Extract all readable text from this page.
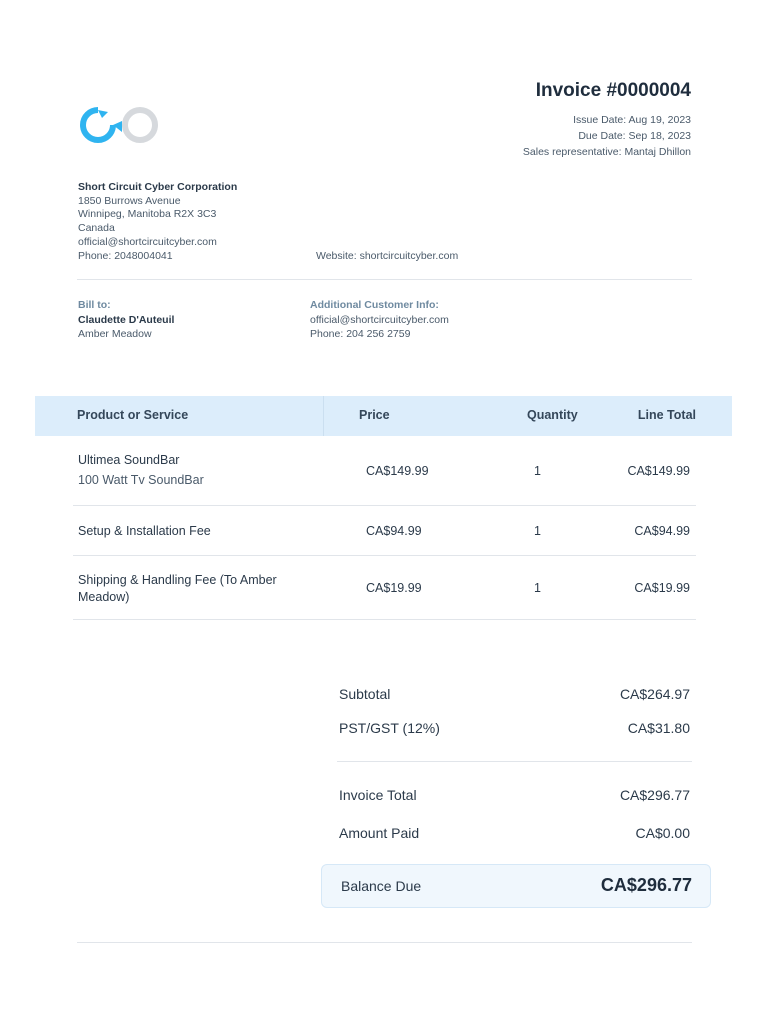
Invoice #0000004
Issue Date: Aug 19, 2023
Due Date: Sep 18, 2023
Sales representative: Mantaj Dhillon
Short Circuit Cyber Corporation
1850 Burrows Avenue
Winnipeg, Manitoba R2X 3C3
Canada
official@shortcircuitcyber.com
Phone: 2048004041	Website: shortcircuitcyber.com
Bill to:
Claudette D'Auteuil
Amber Meadow
Additional Customer Info:
official@shortcircuitcyber.com
Phone: 204 256 2759
Product or Service	Price	Quantity	Line Total
Ultimea SoundBar
100 Watt Tv SoundBar
CA$149.99	1	CA$149.99
Setup & Installation Fee	CA$94.99	1	CA$94.99
Shipping & Handling Fee (To Amber
Meadow)
CA$19.99	1	CA$19.99
Subtotal	CA$264.97
PST/GST (12%)	CA$31.80
Invoice Total	CA$296.77
Amount Paid	CA$0.00
Balance Due	CA$296.77
